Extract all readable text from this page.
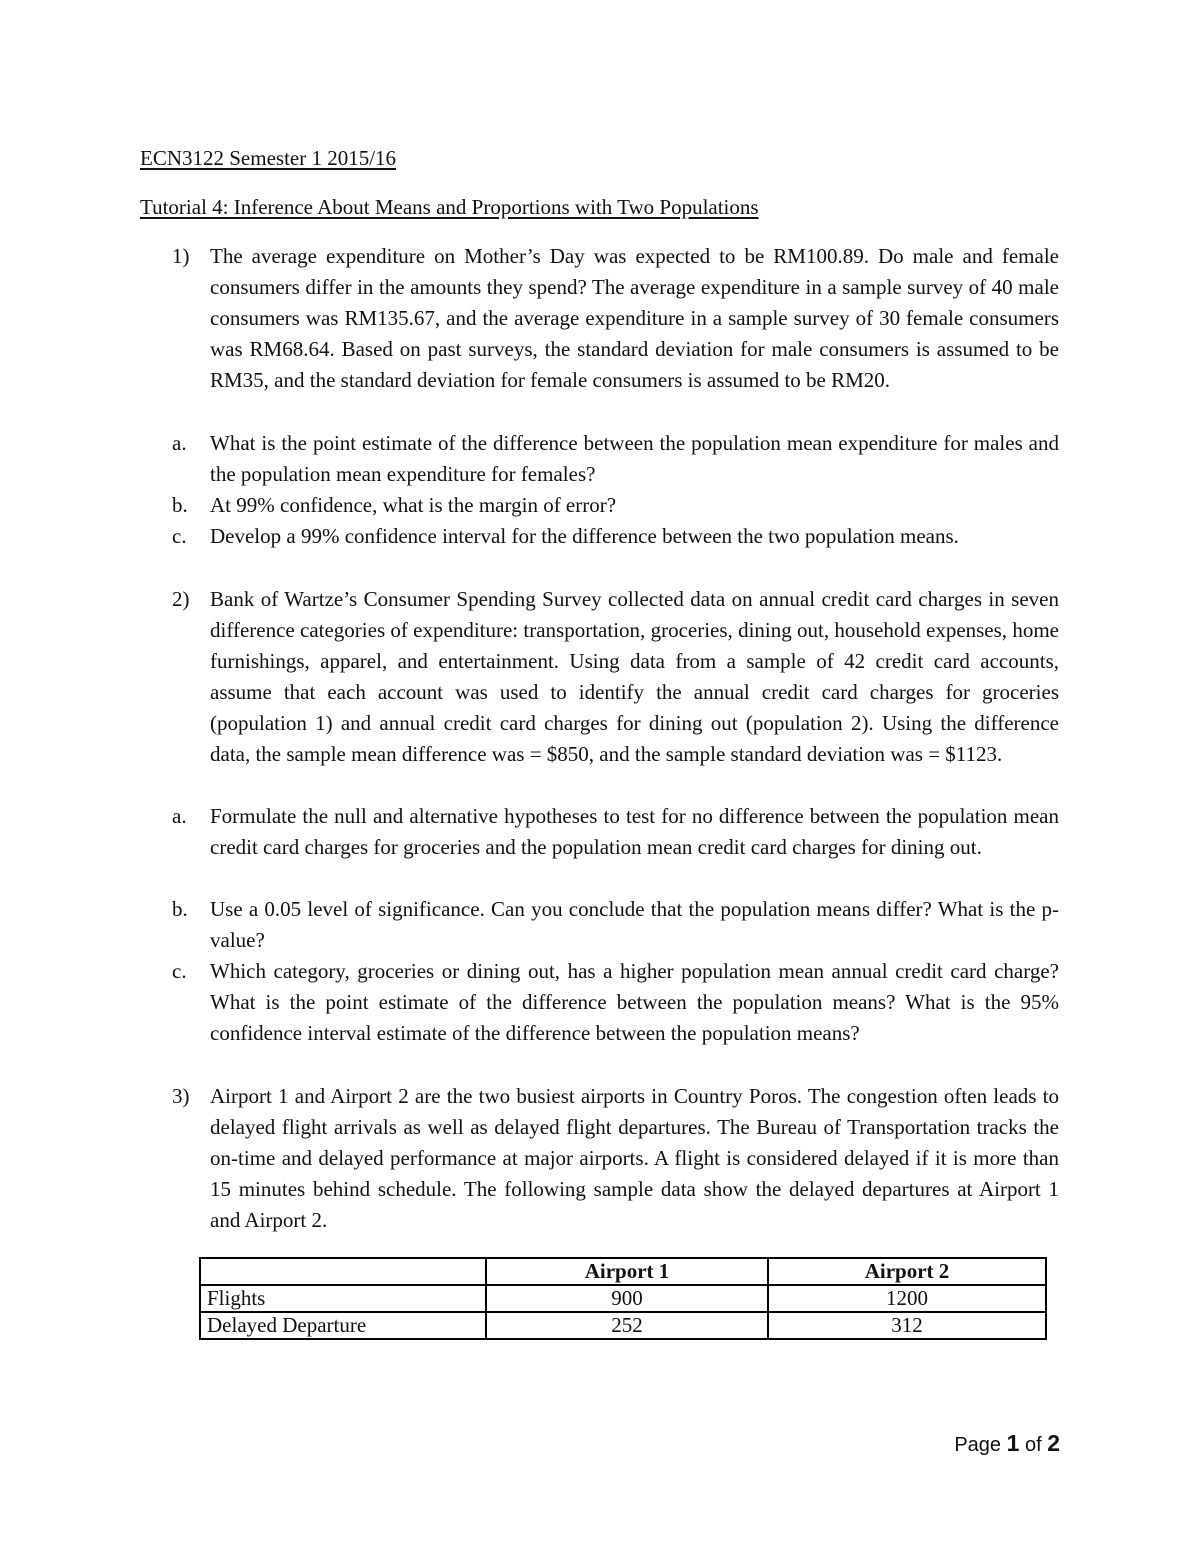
ECN3122 Semester 1 2015/16
Tutorial 4: Inference About Means and Proportions with Two Populations
1) The average expenditure on Mother’s Day was expected to be RM100.89. Do male and female consumers differ in the amounts they spend? The average expenditure in a sample survey of 40 male consumers was RM135.67, and the average expenditure in a sample survey of 30 female consumers was RM68.64. Based on past surveys, the standard deviation for male consumers is assumed to be RM35, and the standard deviation for female consumers is assumed to be RM20.
a. What is the point estimate of the difference between the population mean expenditure for males and the population mean expenditure for females?
b. At 99% confidence, what is the margin of error?
c. Develop a 99% confidence interval for the difference between the two population means.
2) Bank of Wartze’s Consumer Spending Survey collected data on annual credit card charges in seven difference categories of expenditure: transportation, groceries, dining out, household expenses, home furnishings, apparel, and entertainment. Using data from a sample of 42 credit card accounts, assume that each account was used to identify the annual credit card charges for groceries (population 1) and annual credit card charges for dining out (population 2). Using the difference data, the sample mean difference was = $850, and the sample standard deviation was = $1123.
a. Formulate the null and alternative hypotheses to test for no difference between the population mean credit card charges for groceries and the population mean credit card charges for dining out.
b. Use a 0.05 level of significance. Can you conclude that the population means differ? What is the p-value?
c. Which category, groceries or dining out, has a higher population mean annual credit card charge? What is the point estimate of the difference between the population means? What is the 95% confidence interval estimate of the difference between the population means?
3) Airport 1 and Airport 2 are the two busiest airports in Country Poros. The congestion often leads to delayed flight arrivals as well as delayed flight departures. The Bureau of Transportation tracks the on-time and delayed performance at major airports. A flight is considered delayed if it is more than 15 minutes behind schedule. The following sample data show the delayed departures at Airport 1 and Airport 2.
	Airport 1	Airport 2
Flights	900	1200
Delayed Departure	252	312
Page 1 of 2
